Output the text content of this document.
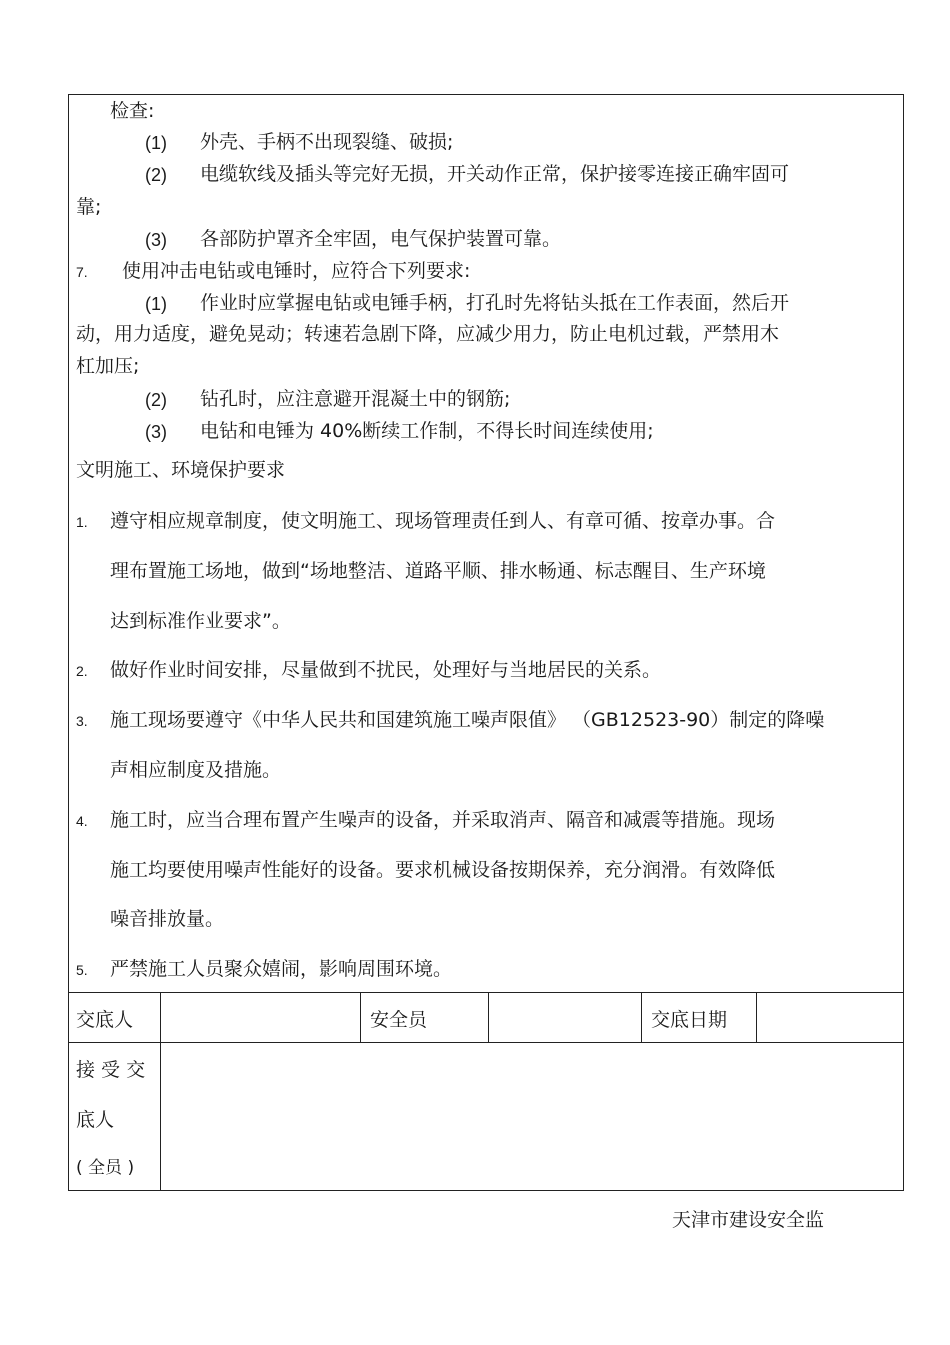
检查:
(1) 外壳、手柄不出现裂缝、破损;
(2) 电缆软线及插头等完好无损，开关动作正常，保护接零连接正确牢固可
靠;
(3) 各部防护罩齐全牢固，电气保护装置可靠。
7. 使用冲击电钻或电锤时，应符合下列要求:
(1) 作业时应掌握电钻或电锤手柄，打孔时先将钻头抵在工作表面，然后开
动，用力适度，避免晃动；转速若急剧下降，应减少用力，防止电机过载，严禁用木
杠加压;
(2) 钻孔时，应注意避开混凝土中的钢筋;
(3) 电钻和电锤为 40%断续工作制，不得长时间连续使用;
文明施工、环境保护要求
1. 遵守相应规章制度，使文明施工、现场管理责任到人、有章可循、按章办事。合
理布置施工场地，做到“场地整洁、道路平顺、排水畅通、标志醒目、生产环境
达到标准作业要求”。
2. 做好作业时间安排，尽量做到不扰民，处理好与当地居民的关系。
3. 施工现场要遵守《中华人民共和国建筑施工噪声限值》 （GB12523-90）制定的降噪
声相应制度及措施。
4. 施工时，应当合理布置产生噪声的设备，并采取消声、隔音和减震等措施。现场
施工均要使用噪声性能好的设备。要求机械设备按期保养，充分润滑。有效降低
噪音排放量。
5. 严禁施工人员聚众嬉闹，影响周围环境。
交底人	安全员	交底日期
接 受 交
底人
( 全员 )
天津市建设安全监
